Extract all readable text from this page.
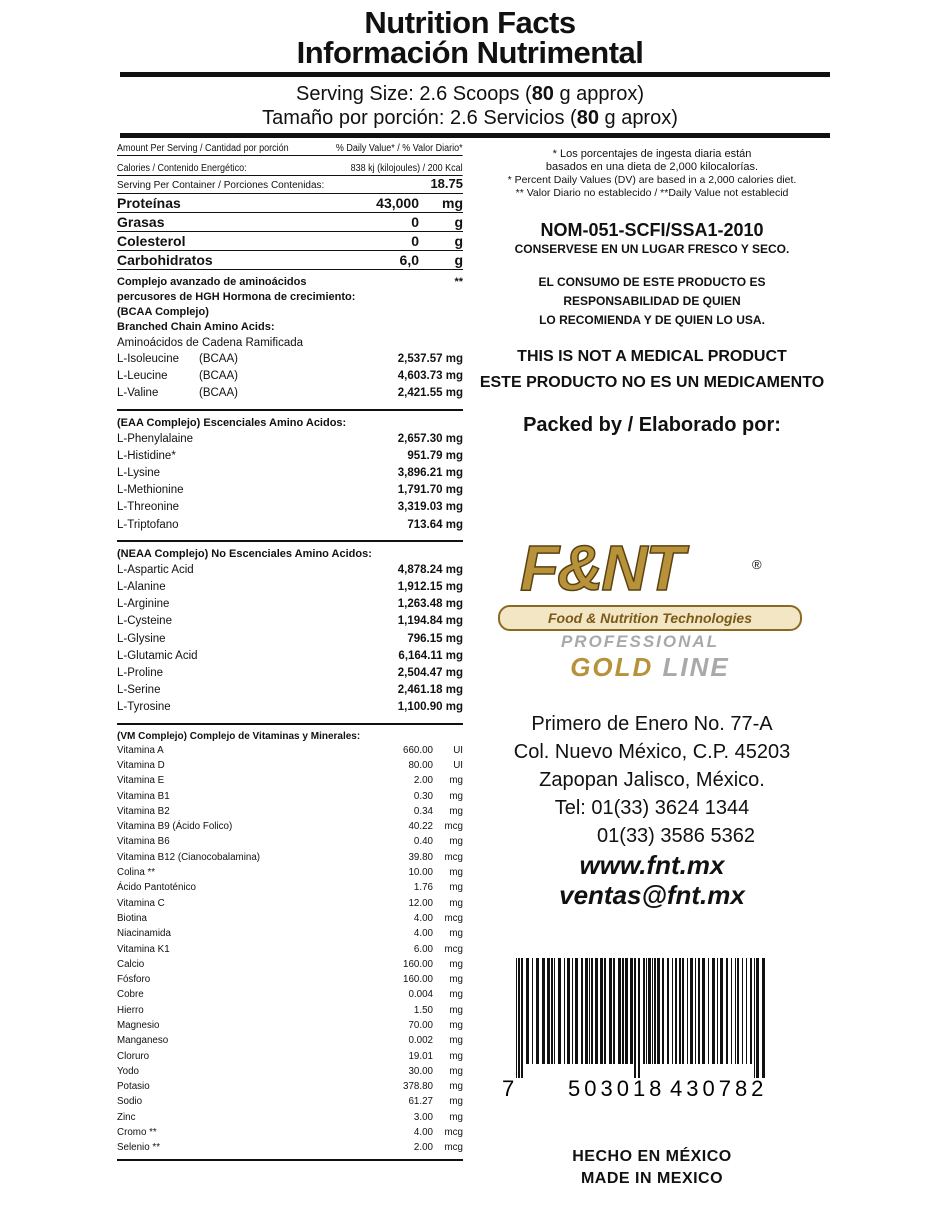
Nutrition Facts
Información Nutrimental
Serving Size: 2.6 Scoops (80 g approx)
Tamaño por porción: 2.6 Servicios (80 g aprox)
Amount Per Serving / Cantidad por porción	% Daily Value* / % Valor Diario*
Calories / Contenido Energético:	838 kj (kilojoules) / 200 Kcal
Serving Per Container / Porciones Contenidas:	18.75
Proteínas	43,000 mg
Grasas	0	g
Colesterol	0	g
Carbohidratos	6,0	g
Complejo avanzado de aminoácidos	**
percusores de HGH Hormona de crecimiento:
(BCAA Complejo)
Branched Chain Amino Acids:
Aminoácidos de Cadena Ramificada
L-Isoleucine (BCAA)	2,537.57 mg
L-Leucine	(BCAA)	4,603.73 mg
L-Valine	(BCAA)	2,421.55 mg
(EAA Complejo) Escenciales Amino Acidos:
L-Phenylalaine	2,657.30 mg
L-Histidine*	951.79 mg
L-Lysine	3,896.21 mg
L-Methionine	1,791.70 mg
L-Threonine	3,319.03 mg
L-Triptofano	713.64 mg
(NEAA Complejo) No Escenciales Amino Acidos:
L-Aspartic Acid	4,878.24 mg
L-Alanine	1,912.15 mg
L-Arginine	1,263.48 mg
L-Cysteine	1,194.84 mg
L-Glysine	796.15 mg
L-Glutamic Acid	6,164.11 mg
L-Proline	2,504.47 mg
L-Serine	2,461.18 mg
L-Tyrosine	1,100.90 mg
(VM Complejo) Complejo de Vitaminas y Minerales:
Vitamina A	660.00	UI
Vitamina D	80.00	UI
Vitamina E	2.00	mg
Vitamina B1	0.30	mg
Vitamina B2	0.34	mg
Vitamina B9 (Ácido Folico)	40.22	mcg
Vitamina B6	0.40	mg
Vitamina B12 (Cianocobalamina)	39.80	mcg
Colina **	10.00	mg
Ácido Pantoténico	1.76	mg
Vitamina C	12.00	mg
Biotina	4.00	mcg
Niacinamida	4.00	mg
Vitamina K1	6.00	mcg
Calcio	160.00	mg
Fósforo	160.00	mg
Cobre	0.004	mg
Hierro	1.50	mg
Magnesio	70.00	mg
Manganeso	0.002	mg
Cloruro	19.01	mg
Yodo	30.00	mg
Potasio	378.80	mg
Sodio	61.27	mg
Zinc	3.00	mg
Cromo **	4.00	mcg
Selenio **	2.00	mcg
* Los porcentajes de ingesta diaria están
basados en una dieta de 2,000 kilocalorías.
* Percent Daily Values (DV) are based in a 2,000 calories diet.
** Valor Diario no establecido / **Daily Value not establecid
NOM-051-SCFI/SSA1-2010
CONSERVESE EN UN LUGAR FRESCO Y SECO.
EL CONSUMO DE ESTE PRODUCTO ES
RESPONSABILIDAD DE QUIEN
LO RECOMIENDA Y DE QUIEN LO USA.
THIS IS NOT A MEDICAL PRODUCT
ESTE PRODUCTO NO ES UN MEDICAMENTO
Packed by / Elaborado por:
F&NT	®
Food & Nutrition Technologies
PROFESSIONAL
GOLD LINE
Primero de Enero No. 77-A
Col. Nuevo México, C.P. 45203
Zapopan Jalisco, México.
Tel: 01(33) 3624 1344
01(33) 3586 5362
www.fnt.mx
ventas@fnt.mx
7 503018 430782
HECHO EN MÉXICO
MADE IN MEXICO
